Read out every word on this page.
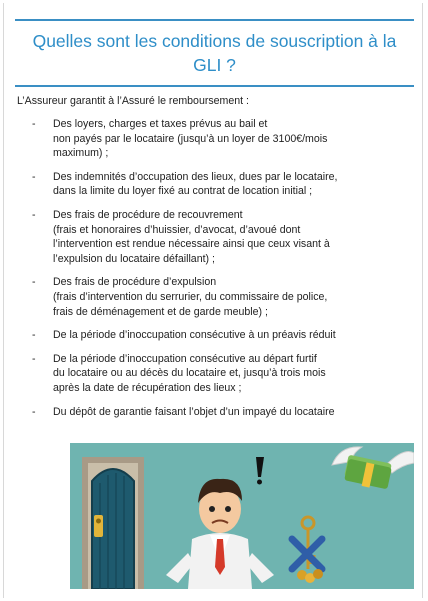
Quelles sont les conditions de souscription à la GLI ?
L’Assureur garantit à l’Assuré le remboursement :
- Des loyers, charges et taxes prévus au bail et
non payés par le locataire (jusqu’à un loyer de 3100€/mois
maximum) ;
- Des indemnités d’occupation des lieux, dues par le locataire,
dans la limite du loyer fixé au contrat de location initial ;
- Des frais de procédure de recouvrement
(frais et honoraires d’huissier, d’avocat, d’avoué dont
l’intervention est rendue nécessaire ainsi que ceux visant à
l’expulsion du locataire défaillant) ;
- Des frais de procédure d’expulsion
(frais d’intervention du serrurier, du commissaire de police,
frais de déménagement et de garde meuble) ;
- De la période d’inoccupation consécutive à un préavis réduit
- De la période d’inoccupation consécutive au départ furtif
du locataire ou au décès du locataire et, jusqu’à trois mois
après la date de récupération des lieux ;
- Du dépôt de garantie faisant l’objet d’un impayé du locataire
